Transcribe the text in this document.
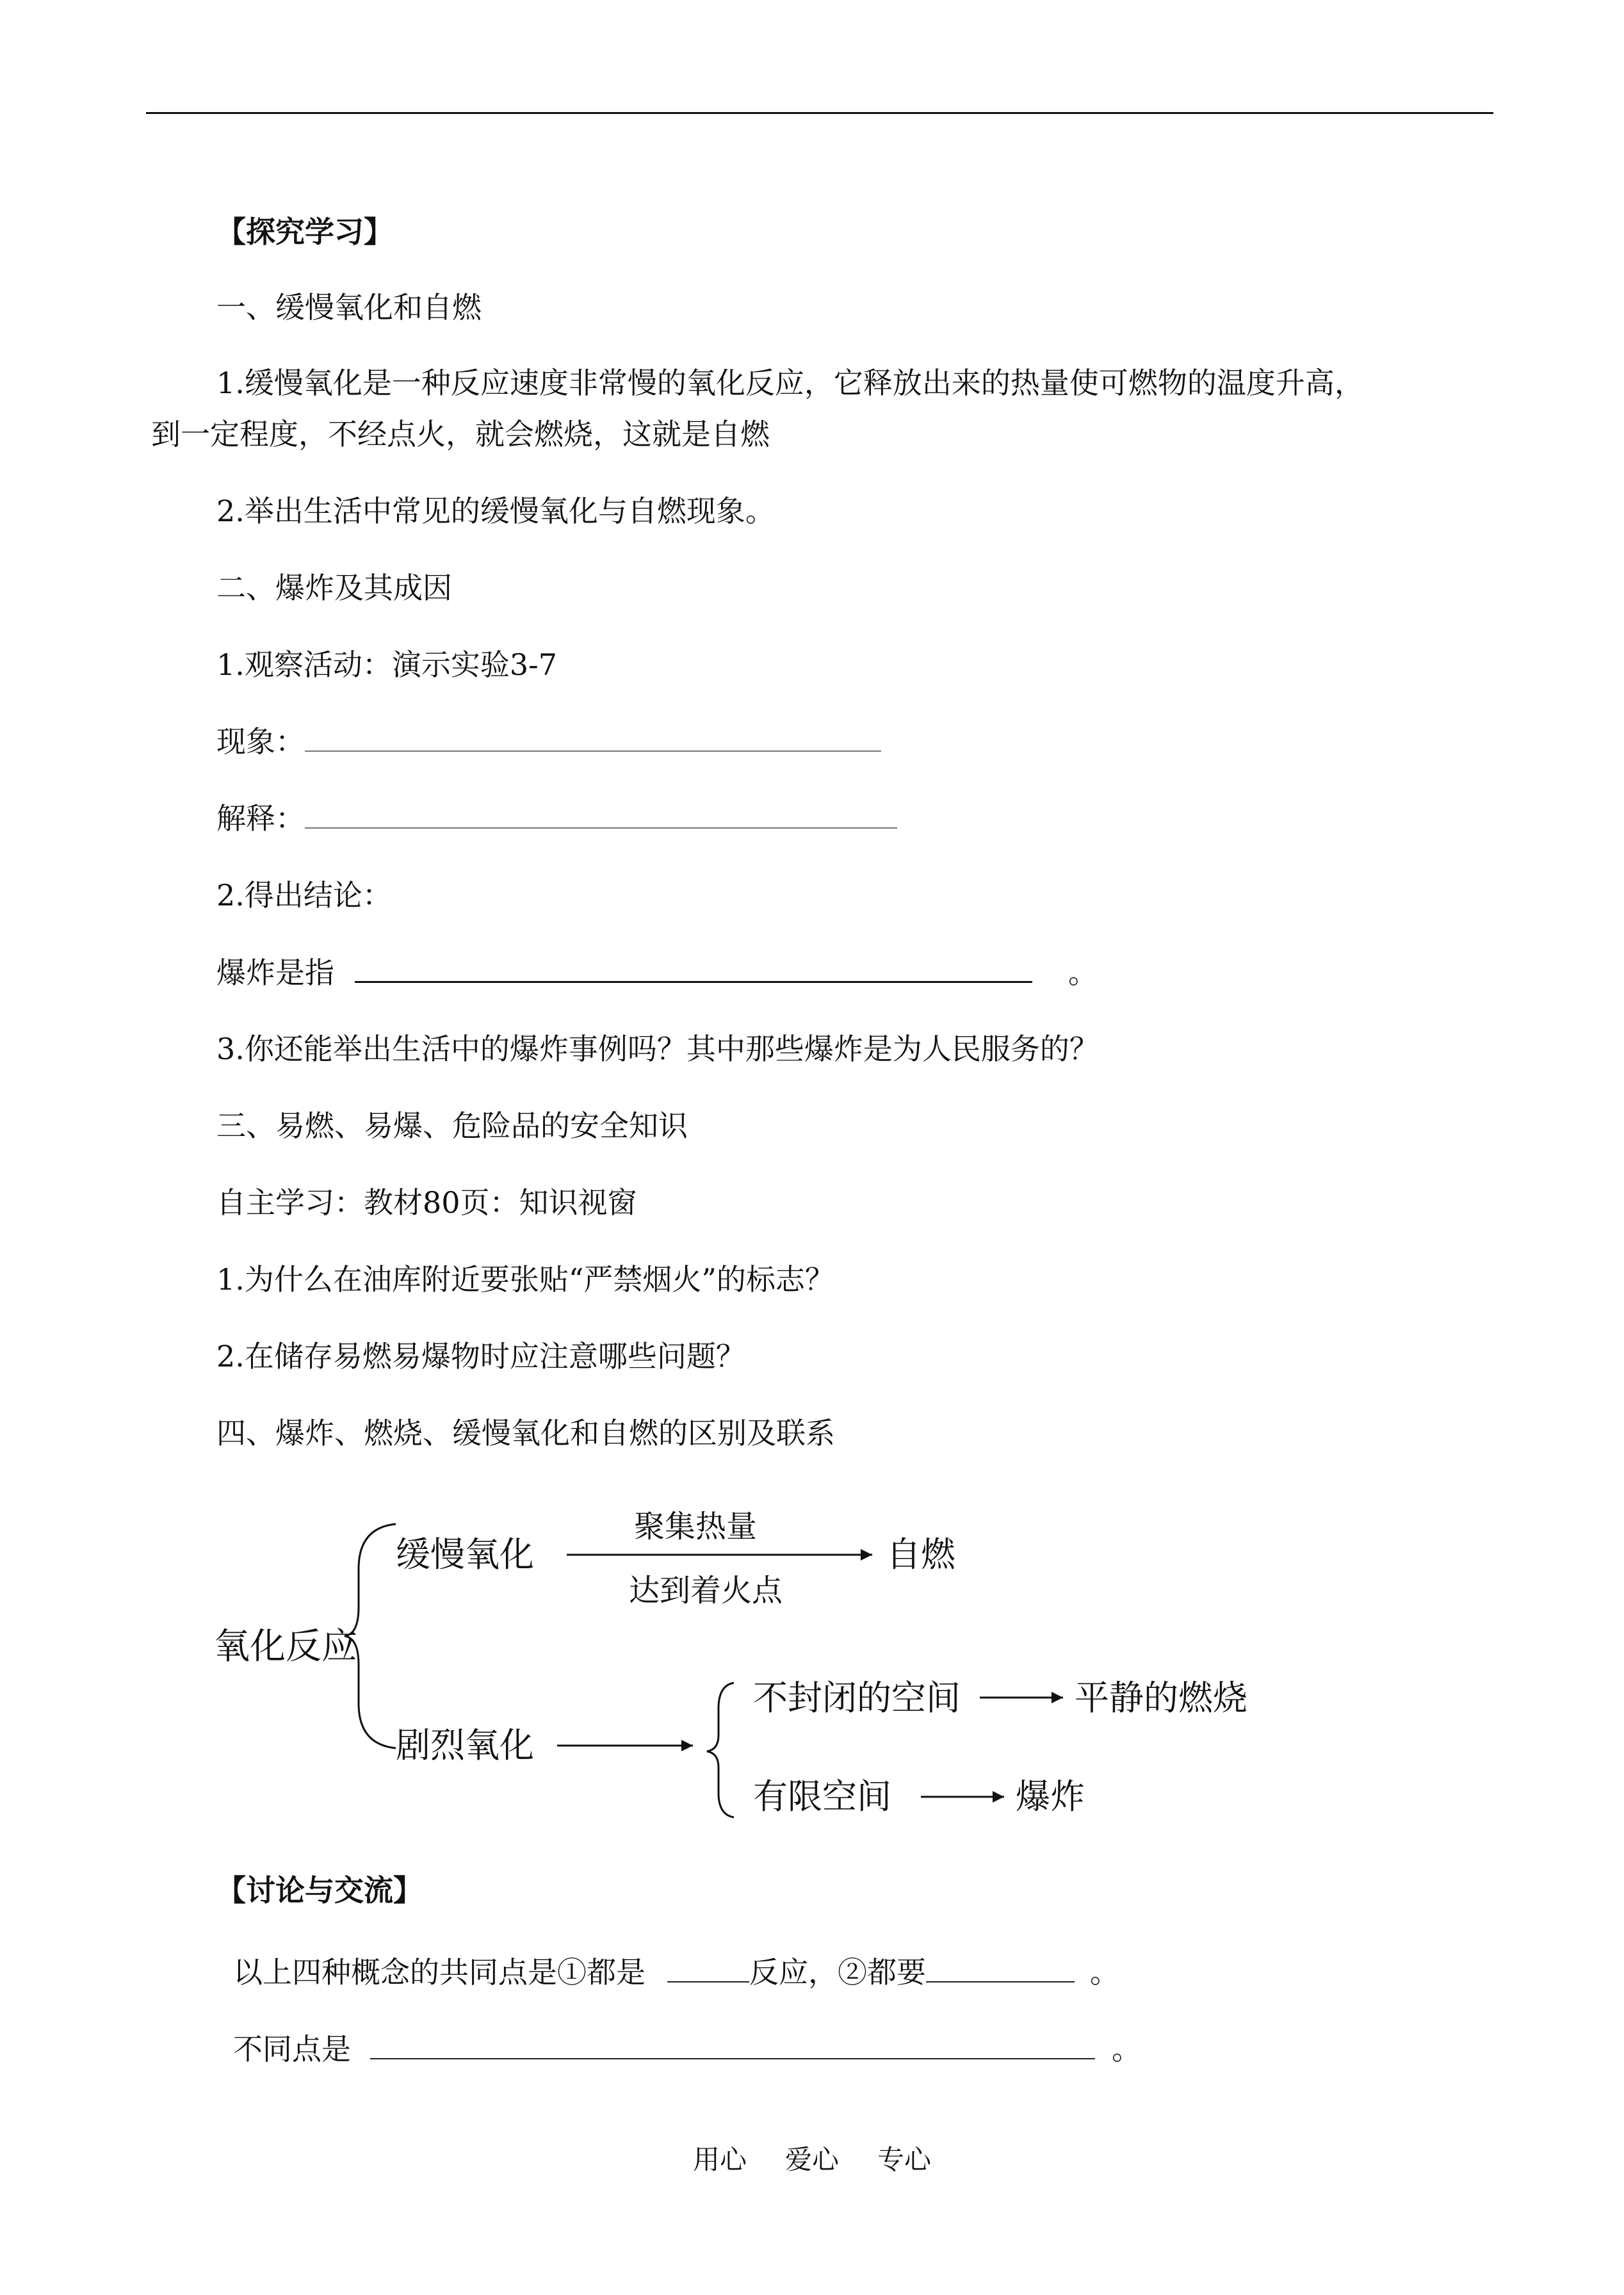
【探究学习】
一、缓慢氧化和自燃
1.缓慢氧化是一种反应速度非常慢的氧化反应，它释放出来的热量使可燃物的温度升高，
到一定程度，不经点火，就会燃烧，这就是自燃
2.举出生活中常见的缓慢氧化与自燃现象。
二、爆炸及其成因
1.观察活动：演示实验3-7
现象：
解释：
2.得出结论：
爆炸是指	。
3.你还能举出生活中的爆炸事例吗？其中那些爆炸是为人民服务的？
三、易燃、易爆、危险品的安全知识
自主学习：教材80页：知识视窗
1.为什么在油库附近要张贴“严禁烟火”的标志？
2.在储存易燃易爆物时应注意哪些问题？
四、爆炸、燃烧、缓慢氧化和自燃的区别及联系
氧化反应
缓慢氧化
聚集热量
达到着火点
自燃
剧烈氧化
不封闭的空间	平静的燃烧
有限空间	爆炸
【讨论与交流】
以上四种概念的共同点是①都是	反应，②都要	。
不同点是	。
用心 爱心 专心
